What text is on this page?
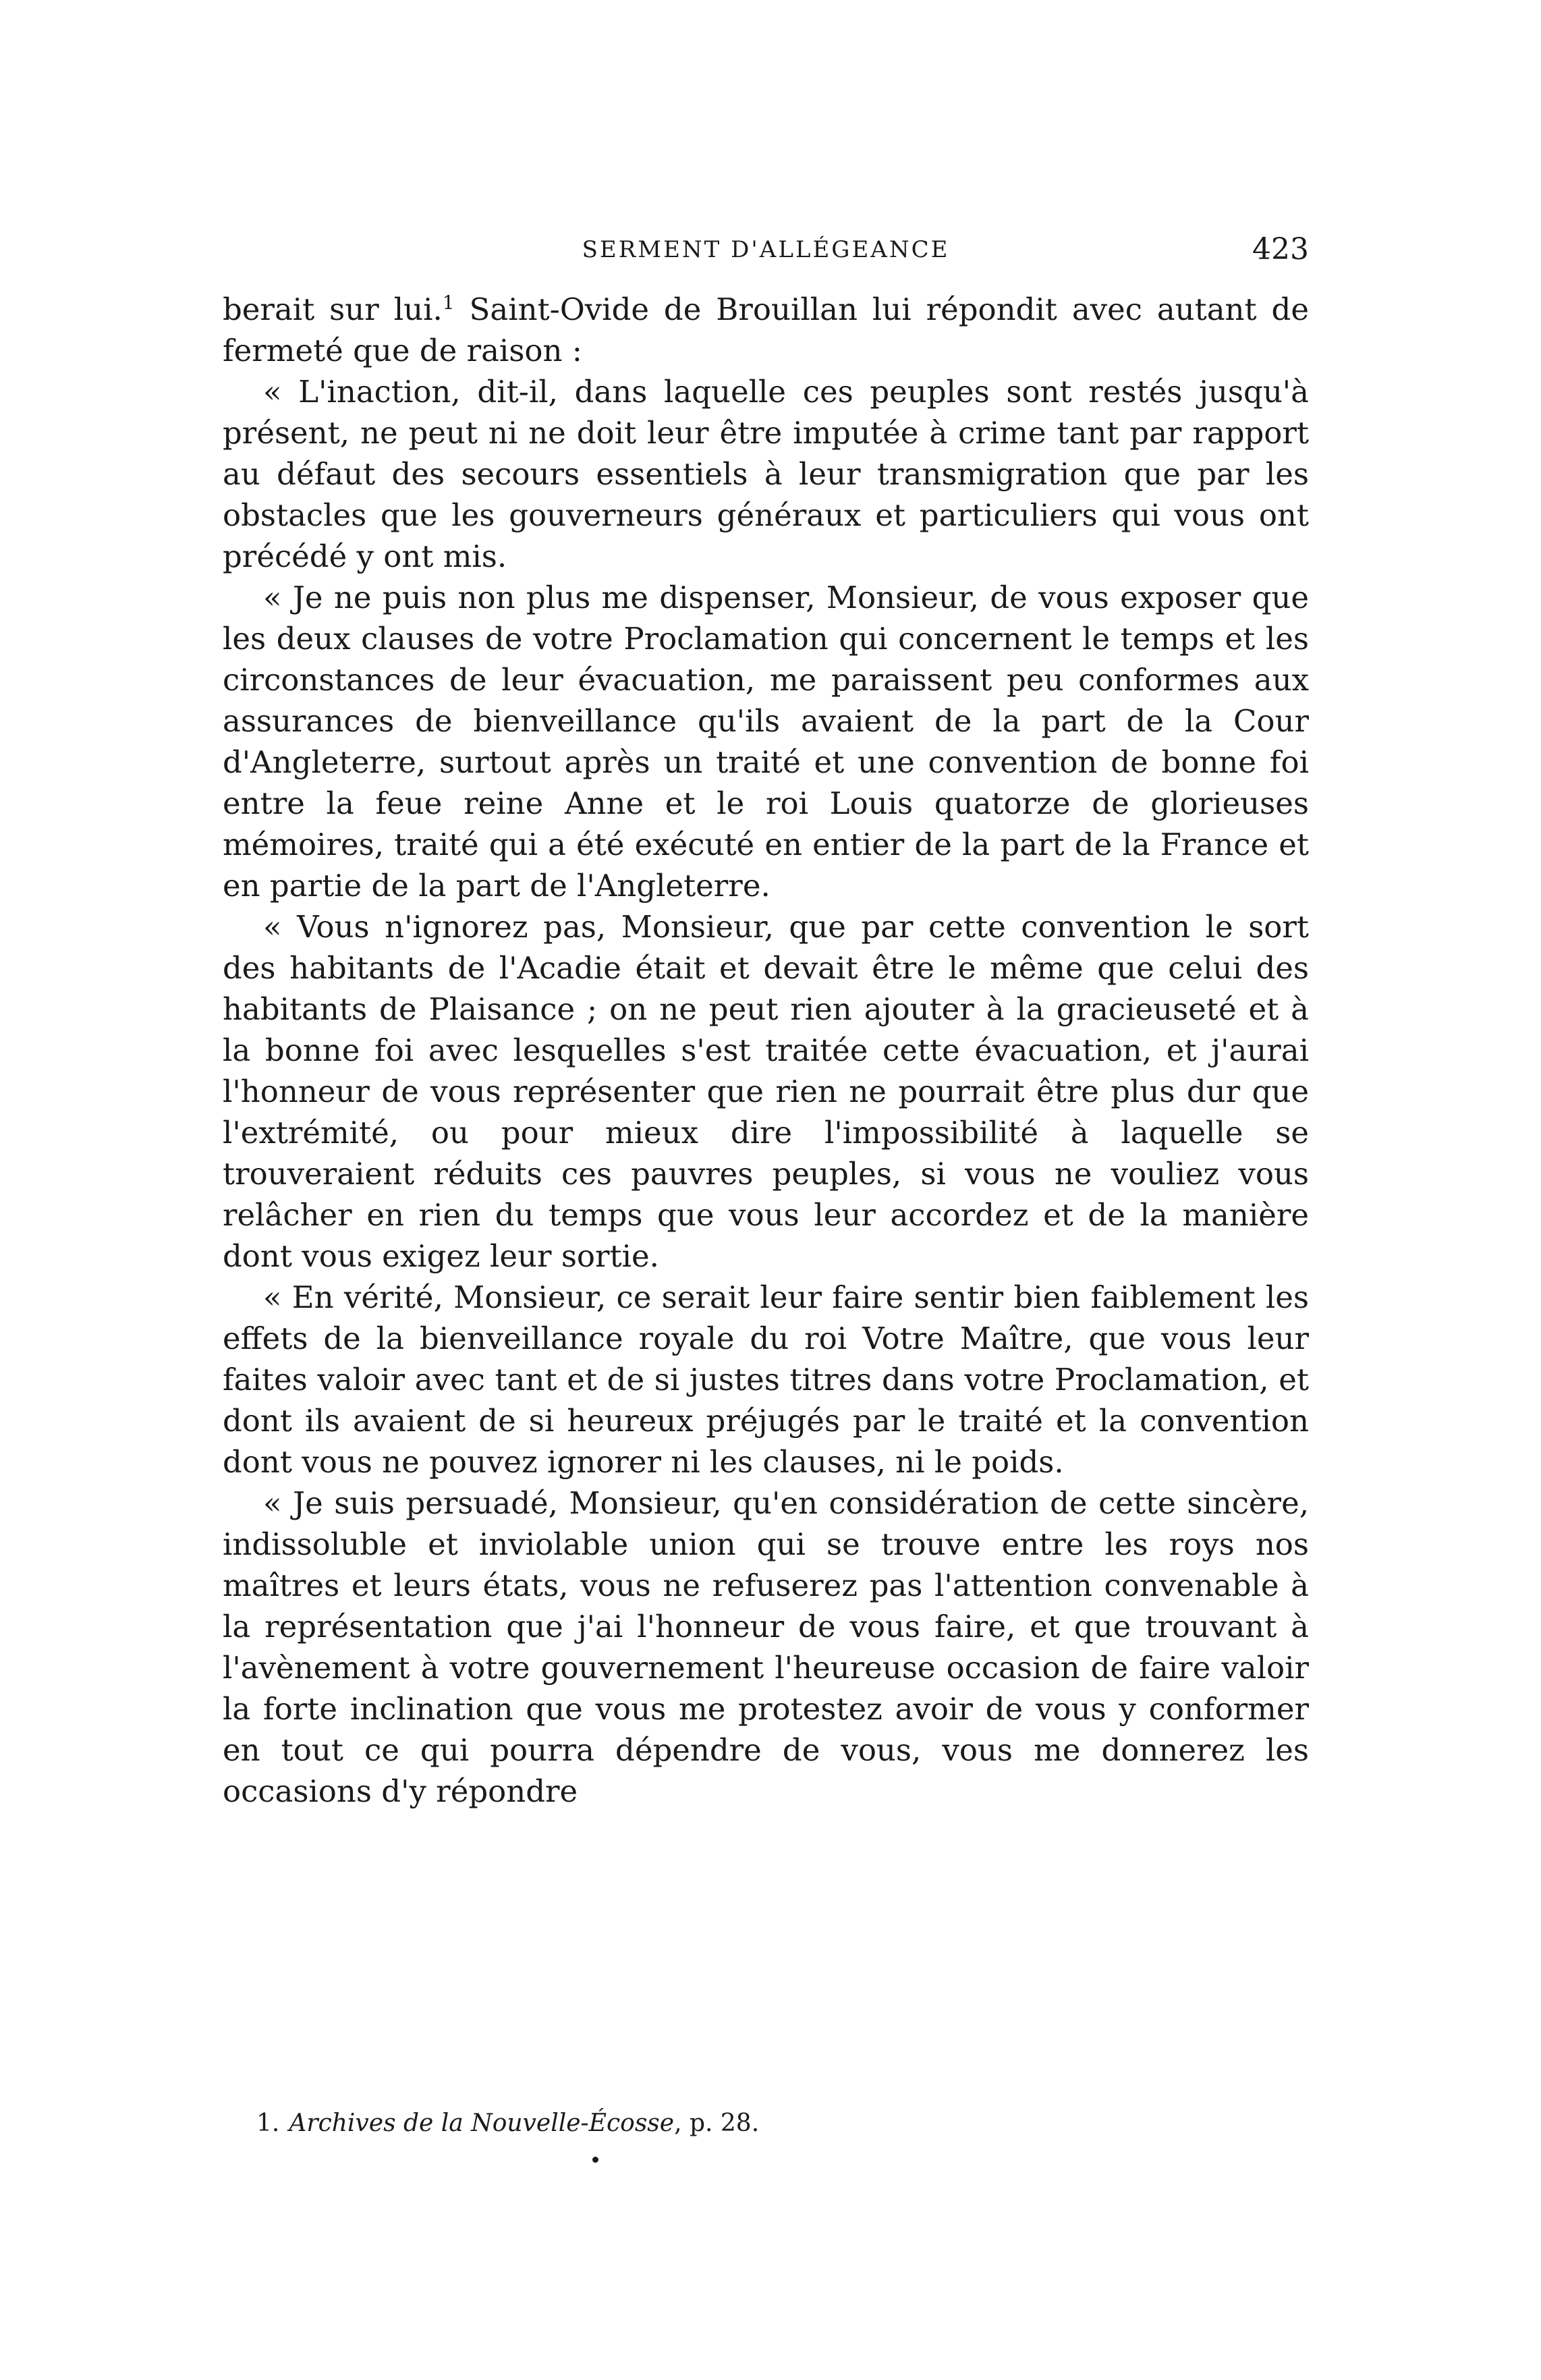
SERMENT D'ALLÉGEANCE	423

berait sur lui.$^1$ Saint-Ovide de Brouillan lui répondit avec autant de fermeté que de raison :

« L'inaction, dit-il, dans laquelle ces peuples sont restés jusqu'à présent, ne peut ni ne doit leur être imputée à crime tant par rapport au défaut des secours essentiels à leur transmigration que par les obstacles que les gouverneurs généraux et particuliers qui vous ont précédé y ont mis.

« Je ne puis non plus me dispenser, Monsieur, de vous exposer que les deux clauses de votre Proclamation qui concernent le temps et les circonstances de leur évacuation, me paraissent peu conformes aux assurances de bienveillance qu'ils avaient de la part de la Cour d'Angleterre, surtout après un traité et une convention de bonne foi entre la feue reine Anne et le roi Louis quatorze de glorieuses mémoires, traité qui a été exécuté en entier de la part de la France et en partie de la part de l'Angleterre.

« Vous n'ignorez pas, Monsieur, que par cette convention le sort des habitants de l'Acadie était et devait être le même que celui des habitants de Plaisance ; on ne peut rien ajouter à la gracieuseté et à la bonne foi avec lesquelles s'est traitée cette évacuation, et j'aurai l'honneur de vous représenter que rien ne pourrait être plus dur que l'extrémité, ou pour mieux dire l'impossibilité à laquelle se trouveraient réduits ces pauvres peuples, si vous ne vouliez vous relâcher en rien du temps que vous leur accordez et de la manière dont vous exigez leur sortie.

« En vérité, Monsieur, ce serait leur faire sentir bien faiblement les effets de la bienveillance royale du roi Votre Maître, que vous leur faites valoir avec tant et de si justes titres dans votre Proclamation, et dont ils avaient de si heureux préjugés par le traité et la convention dont vous ne pouvez ignorer ni les clauses, ni le poids.

« Je suis persuadé, Monsieur, qu'en considération de cette sincère, indissoluble et inviolable union qui se trouve entre les roys nos maîtres et leurs états, vous ne refuserez pas l'attention convenable à la représentation que j'ai l'honneur de vous faire, et que trouvant à l'avènement à votre gouvernement l'heureuse occasion de faire valoir la forte inclination que vous me protestez avoir de vous y conformer en tout ce qui pourra dépendre de vous, vous me donnerez les occasions d'y répondre

1. Archives de la Nouvelle-Écosse, p. 28.
